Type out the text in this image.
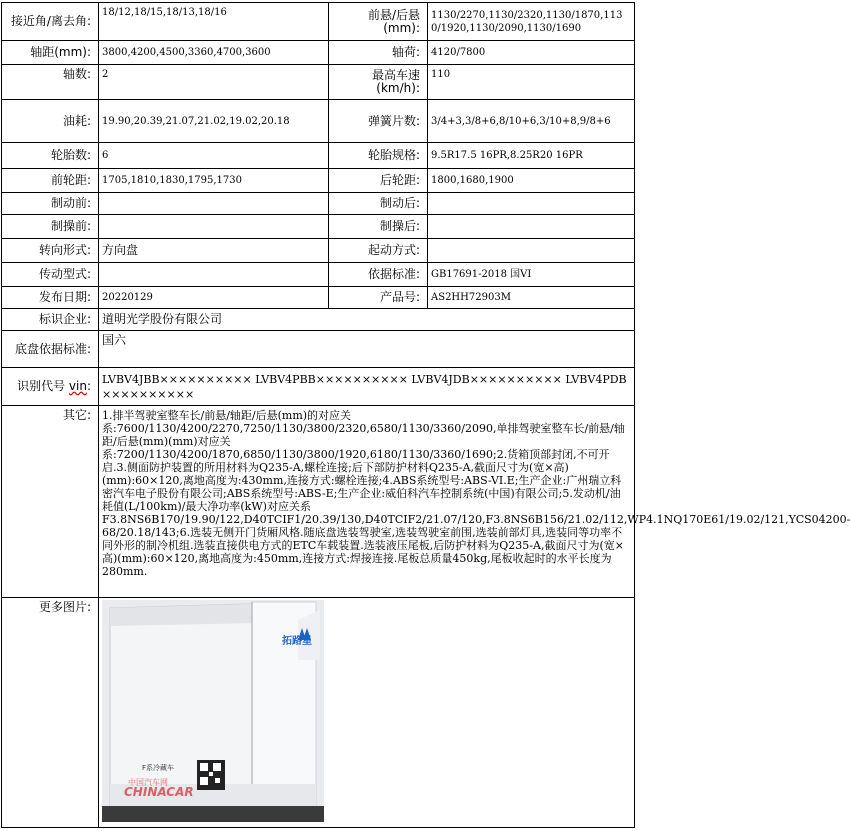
接近角/离去角:	18/12,18/15,18/13,18/16	前悬/后悬(mm):	1130/2270,1130/2320,1130/1870,1130/1920,1130/2090,1130/1690
轴距(mm):	3800,4200,4500,3360,4700,3600	轴荷:	4120/7800
轴数:	2	最高车速(km/h):	110
油耗:	19.90,20.39,21.07,21.02,19.02,20.18	弹簧片数:	3/4+3,3/8+6,8/10+6,3/10+8,9/8+6
轮胎数:	6	轮胎规格:	9.5R17.5 16PR,8.25R20 16PR
前轮距:	1705,1810,1830,1795,1730	后轮距:	1800,1680,1900
制动前:		制动后:	
制操前:		制操后:	
转向形式:	方向盘	起动方式:	
传动型式:		依据标准:	GB17691-2018 国VI
发布日期:	20220129	产品号:	AS2HH72903M
标识企业:	道明光学股份有限公司		
底盘依据标准:	国六		
识别代号 vin:	LVBV4JBB×××××××××× LVBV4PBB×××××××××× LVBV4JDB×××××××××× LVBV4PDB××××××××××		
其它:	1.排半驾驶室整车长/前悬/轴距/后悬(mm)的对应关系:7600/1130/4200/2270,7250/1130/3800/2320,6580/1130/3360/2090,单排驾驶室整车长/前悬/轴距/后悬(mm)(mm)对应关系:7200/1130/4200/1870,6850/1130/3800/1920,6180/1130/3360/1690;2.货箱顶部封闭,不可开启.3.侧面防护装置的所用材料为Q235-A,螺栓连接;后下部防护材料Q235-A,截面尺寸为(宽×高)(mm):60×120,离地高度为:430mm,连接方式:螺栓连接;4.ABS系统型号:ABS-VI.E;生产企业:广州瑞立科密汽车电子股份有限公司;ABS系统型号:ABS-E;生产企业:威伯科汽车控制系统(中国)有限公司;5.发动机/油耗值(L/100km)/最大净功率(kW)对应关系F3.8NS6B170/19.90/122,D40TCIF1/20.39/130,D40TCIF2/21.07/120,F3.8NS6B156/21.02/112,WP4.1NQ170E61/19.02/121,YCS04200-68/20.18/143;6.选装无侧开门货厢风格.随底盘选装驾驶室,选装驾驶室前围,选装前部灯具,选装同等功率不同外形的制冷机组.选装直接供电方式的ETC车载装置.选装液压尾板,后防护材料为Q235-A,截面尺寸为(宽×高)(mm):60×120,离地高度为:450mm,连接方式:焊接连接.尾板总质量450kg,尾板收起时的水平长度为280mm.		
更多图片:	拓路星
F系冷藏车
中国汽车网
CHINACAR		
